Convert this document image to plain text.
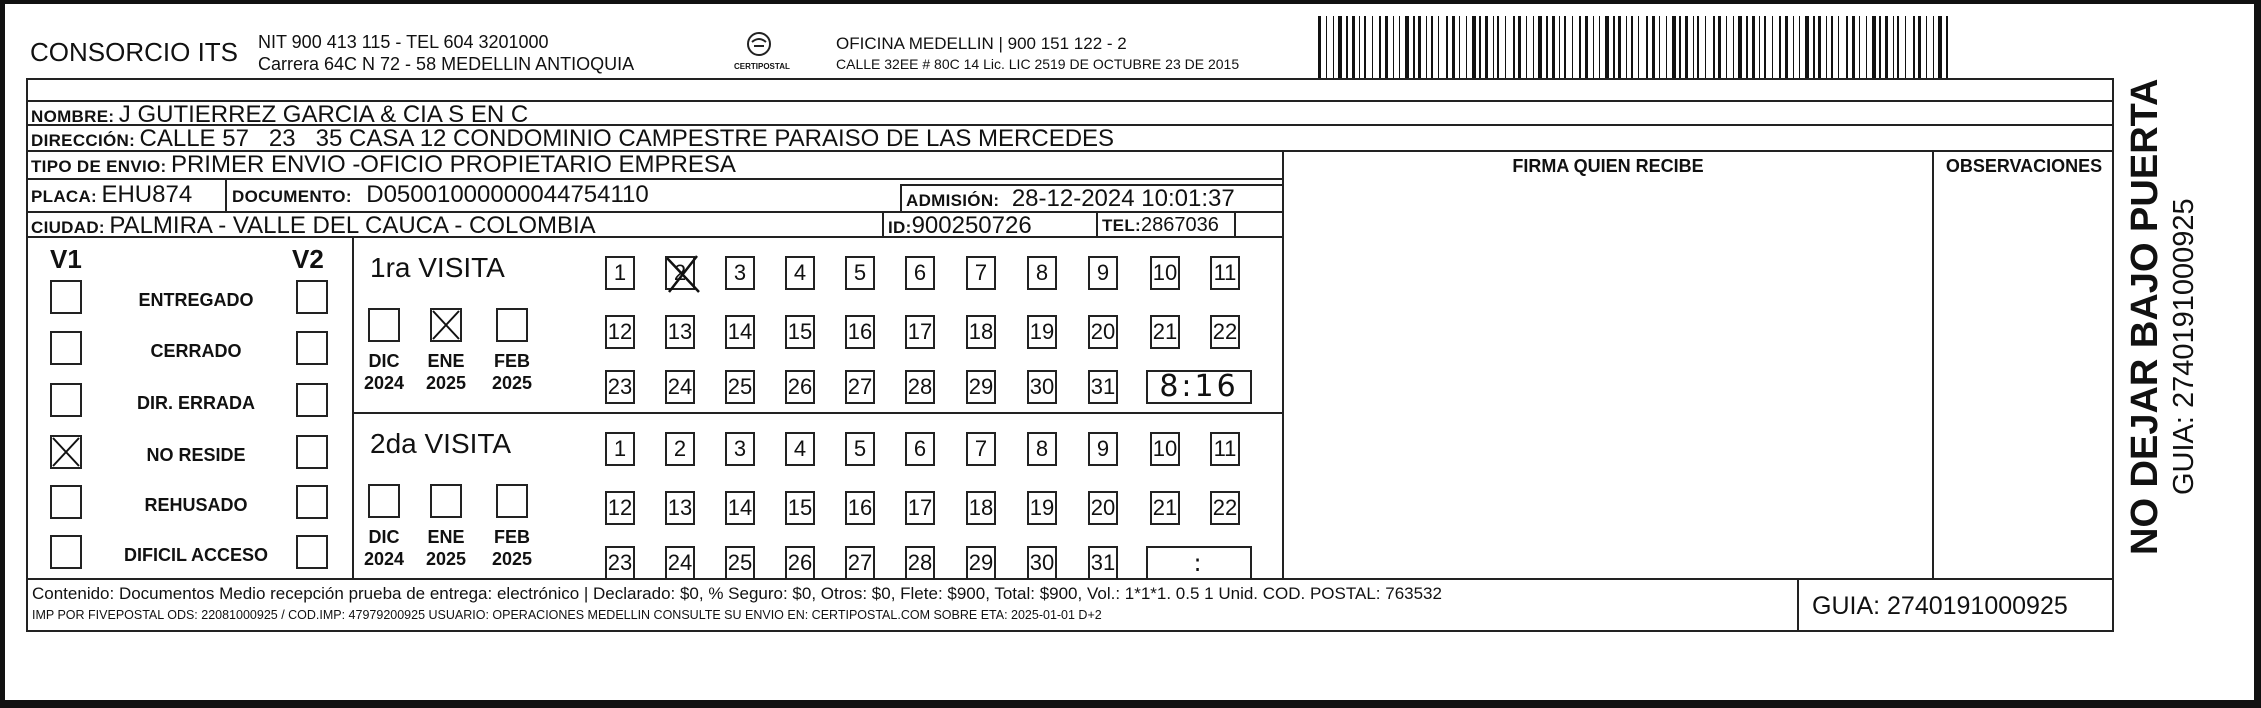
CONSORCIO ITS NIT 900 413 115 - TEL 604 3201000
Carrera 64C N 72 - 58 MEDELLIN ANTIOQUIA	CERTIPOSTAL
OFICINA MEDELLIN | 900 151 122 - 2
CALLE 32EE # 80C 14 Lic. LIC 2519 DE OCTUBRE 23 DE 2015
NOMBRE: J GUTIERREZ GARCIA & CIA S EN C
DIRECCIÓN: CALLE 57   23   35 CASA 12 CONDOMINIO CAMPESTRE PARAISO DE LAS MERCEDES
TIPO DE ENVIO: PRIMER ENVIO -OFICIO PROPIETARIO EMPRESA
PLACA: EHU874 DOCUMENTO: D05001000000044754110	ADMISIÓN: 28-12-2024 10:01:37
CIUDAD: PALMIRA - VALLE DEL CAUCA - COLOMBIA	ID:900250726	TEL:2867036
FIRMA QUIEN RECIBE	OBSERVACIONES
V1	V2
ENTREGADO
CERRADO
DIR. ERRADA
NO RESIDE
REHUSADO
DIFICIL ACCESO
1ra VISITA
DIC
2024
ENE
2025
FEB
2025
1	2	3	4	5	6	7	8	9	10 11
12 13 14 15 16 17 18 19 20 21 22
23 24 25 26 27 28 29 30 31	8:16
2da VISITA
DIC
2024
ENE
2025
FEB
2025
1	2	3	4	5	6	7	8	9	10 11
12 13 14 15 16 17 18 19 20 21 22
23 24 25 26 27 28 29 30 31	:
Contenido: Documentos Medio recepción prueba de entrega: electrónico | Declarado: $0, % Seguro: $0, Otros: $0, Flete: $900, Total: $900, Vol.: 1*1*1. 0.5 1 Unid. COD. POSTAL: 763532
IMP POR FIVEPOSTAL ODS: 22081000925 / COD.IMP: 47979200925 USUARIO: OPERACIONES MEDELLIN CONSULTE SU ENVIO EN: CERTIPOSTAL.COM SOBRE ETA: 2025-01-01 D+2	GUIA: 2740191000925
NO DEJAR BAJO PUERTA GUIA: 2740191000925
